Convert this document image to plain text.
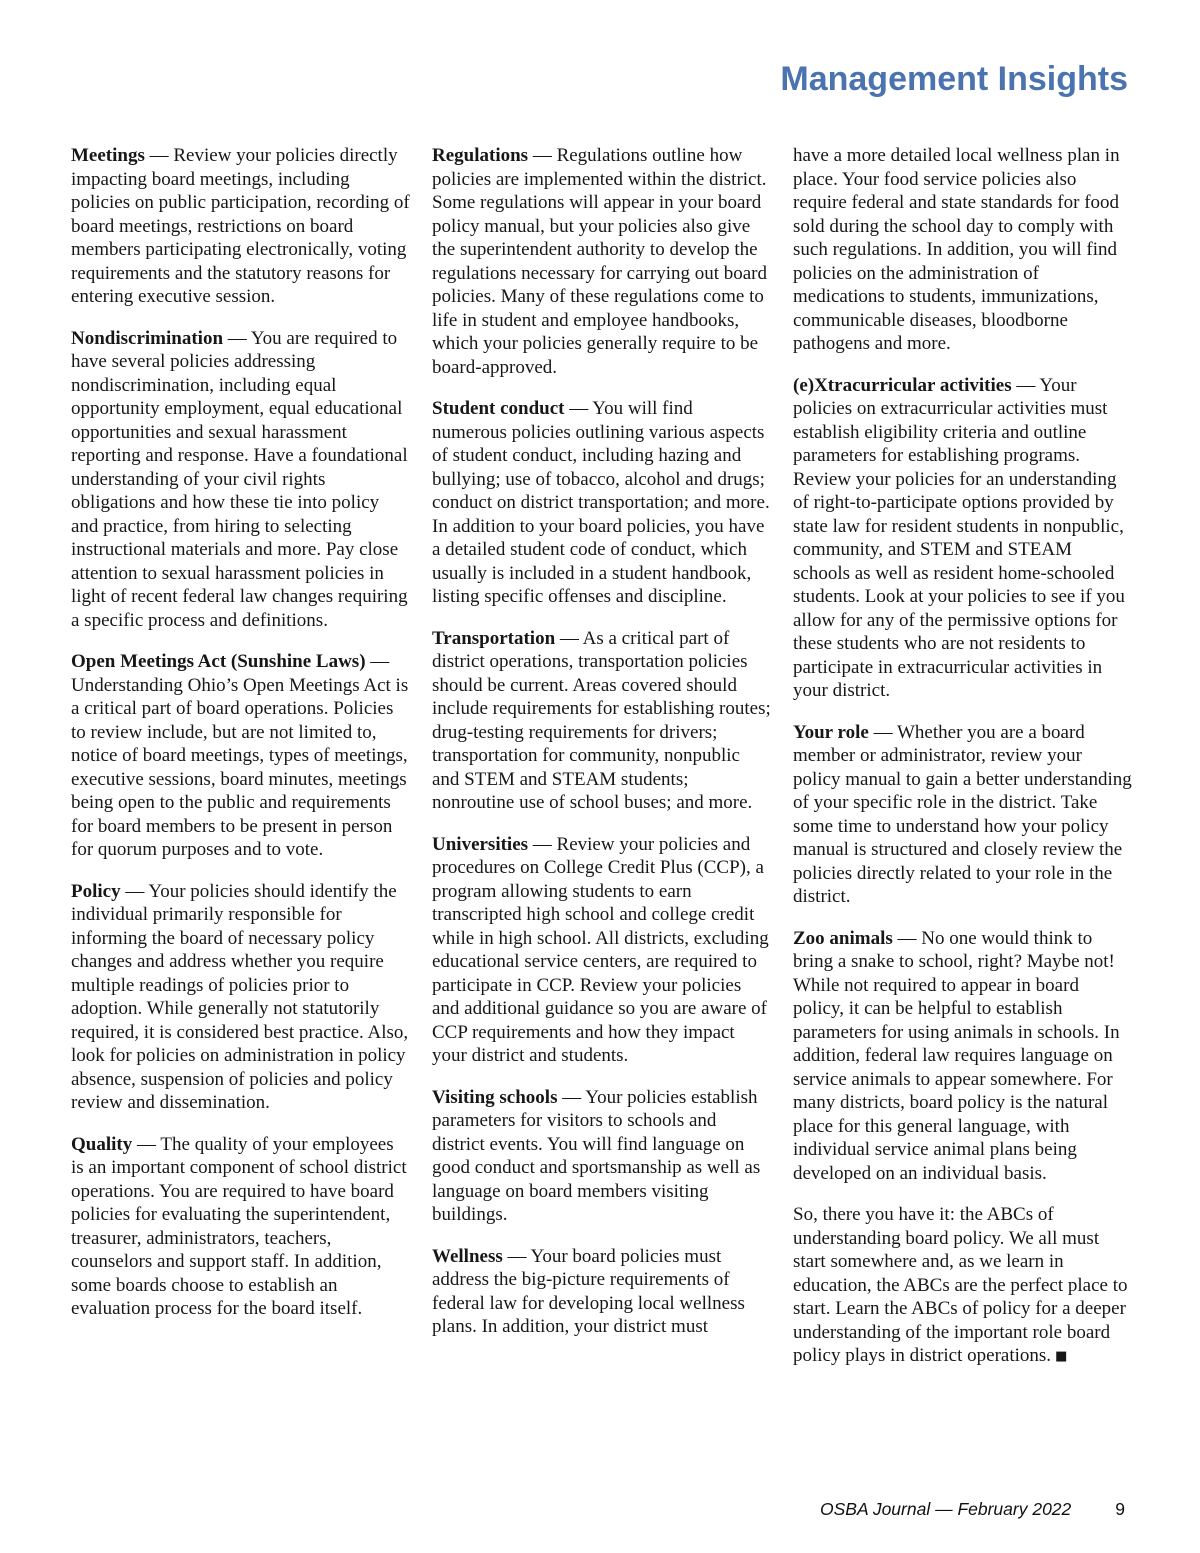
Management Insights

Meetings — Review your policies directly impacting board meetings, including policies on public participation, recording of board meetings, restrictions on board members participating electronically, voting requirements and the statutory reasons for entering executive session.

Nondiscrimination — You are required to have several policies addressing nondiscrimination, including equal opportunity employment, equal educational opportunities and sexual harassment reporting and response. Have a foundational understanding of your civil rights obligations and how these tie into policy and practice, from hiring to selecting instructional materials and more. Pay close attention to sexual harassment policies in light of recent federal law changes requiring a specific process and definitions.

Open Meetings Act (Sunshine Laws) — Understanding Ohio’s Open Meetings Act is a critical part of board operations. Policies to review include, but are not limited to, notice of board meetings, types of meetings, executive sessions, board minutes, meetings being open to the public and requirements for board members to be present in person for quorum purposes and to vote.

Policy — Your policies should identify the individual primarily responsible for informing the board of necessary policy changes and address whether you require multiple readings of policies prior to adoption. While generally not statutorily required, it is considered best practice. Also, look for policies on administration in policy absence, suspension of policies and policy review and dissemination.

Quality — The quality of your employees is an important component of school district operations. You are required to have board policies for evaluating the superintendent, treasurer, administrators, teachers, counselors and support staff. In addition, some boards choose to establish an evaluation process for the board itself.

Regulations — Regulations outline how policies are implemented within the district. Some regulations will appear in your board policy manual, but your policies also give the superintendent authority to develop the regulations necessary for carrying out board policies. Many of these regulations come to life in student and employee handbooks, which your policies generally require to be board-approved.

Student conduct — You will find numerous policies outlining various aspects of student conduct, including hazing and bullying; use of tobacco, alcohol and drugs; conduct on district transportation; and more. In addition to your board policies, you have a detailed student code of conduct, which usually is included in a student handbook, listing specific offenses and discipline.

Transportation — As a critical part of district operations, transportation policies should be current. Areas covered should include requirements for establishing routes; drug-testing requirements for drivers; transportation for community, nonpublic and STEM and STEAM students; nonroutine use of school buses; and more.

Universities — Review your policies and procedures on College Credit Plus (CCP), a program allowing students to earn transcripted high school and college credit while in high school. All districts, excluding educational service centers, are required to participate in CCP. Review your policies and additional guidance so you are aware of CCP requirements and how they impact your district and students.

Visiting schools — Your policies establish parameters for visitors to schools and district events. You will find language on good conduct and sportsmanship as well as language on board members visiting buildings.

Wellness — Your board policies must address the big-picture requirements of federal law for developing local wellness plans. In addition, your district must

have a more detailed local wellness plan in place. Your food service policies also require federal and state standards for food sold during the school day to comply with such regulations. In addition, you will find policies on the administration of medications to students, immunizations, communicable diseases, bloodborne pathogens and more.

(e)Xtracurricular activities — Your policies on extracurricular activities must establish eligibility criteria and outline parameters for establishing programs. Review your policies for an understanding of right-to-participate options provided by state law for resident students in nonpublic, community, and STEM and STEAM schools as well as resident home-schooled students. Look at your policies to see if you allow for any of the permissive options for these students who are not residents to participate in extracurricular activities in your district.

Your role — Whether you are a board member or administrator, review your policy manual to gain a better understanding of your specific role in the district. Take some time to understand how your policy manual is structured and closely review the policies directly related to your role in the district.

Zoo animals — No one would think to bring a snake to school, right? Maybe not! While not required to appear in board policy, it can be helpful to establish parameters for using animals in schools. In addition, federal law requires language on service animals to appear somewhere. For many districts, board policy is the natural place for this general language, with individual service animal plans being developed on an individual basis.

So, there you have it: the ABCs of understanding board policy. We all must start somewhere and, as we learn in education, the ABCs are the perfect place to start. Learn the ABCs of policy for a deeper understanding of the important role board policy plays in district operations. ■

OSBA Journal — February 2022	9
